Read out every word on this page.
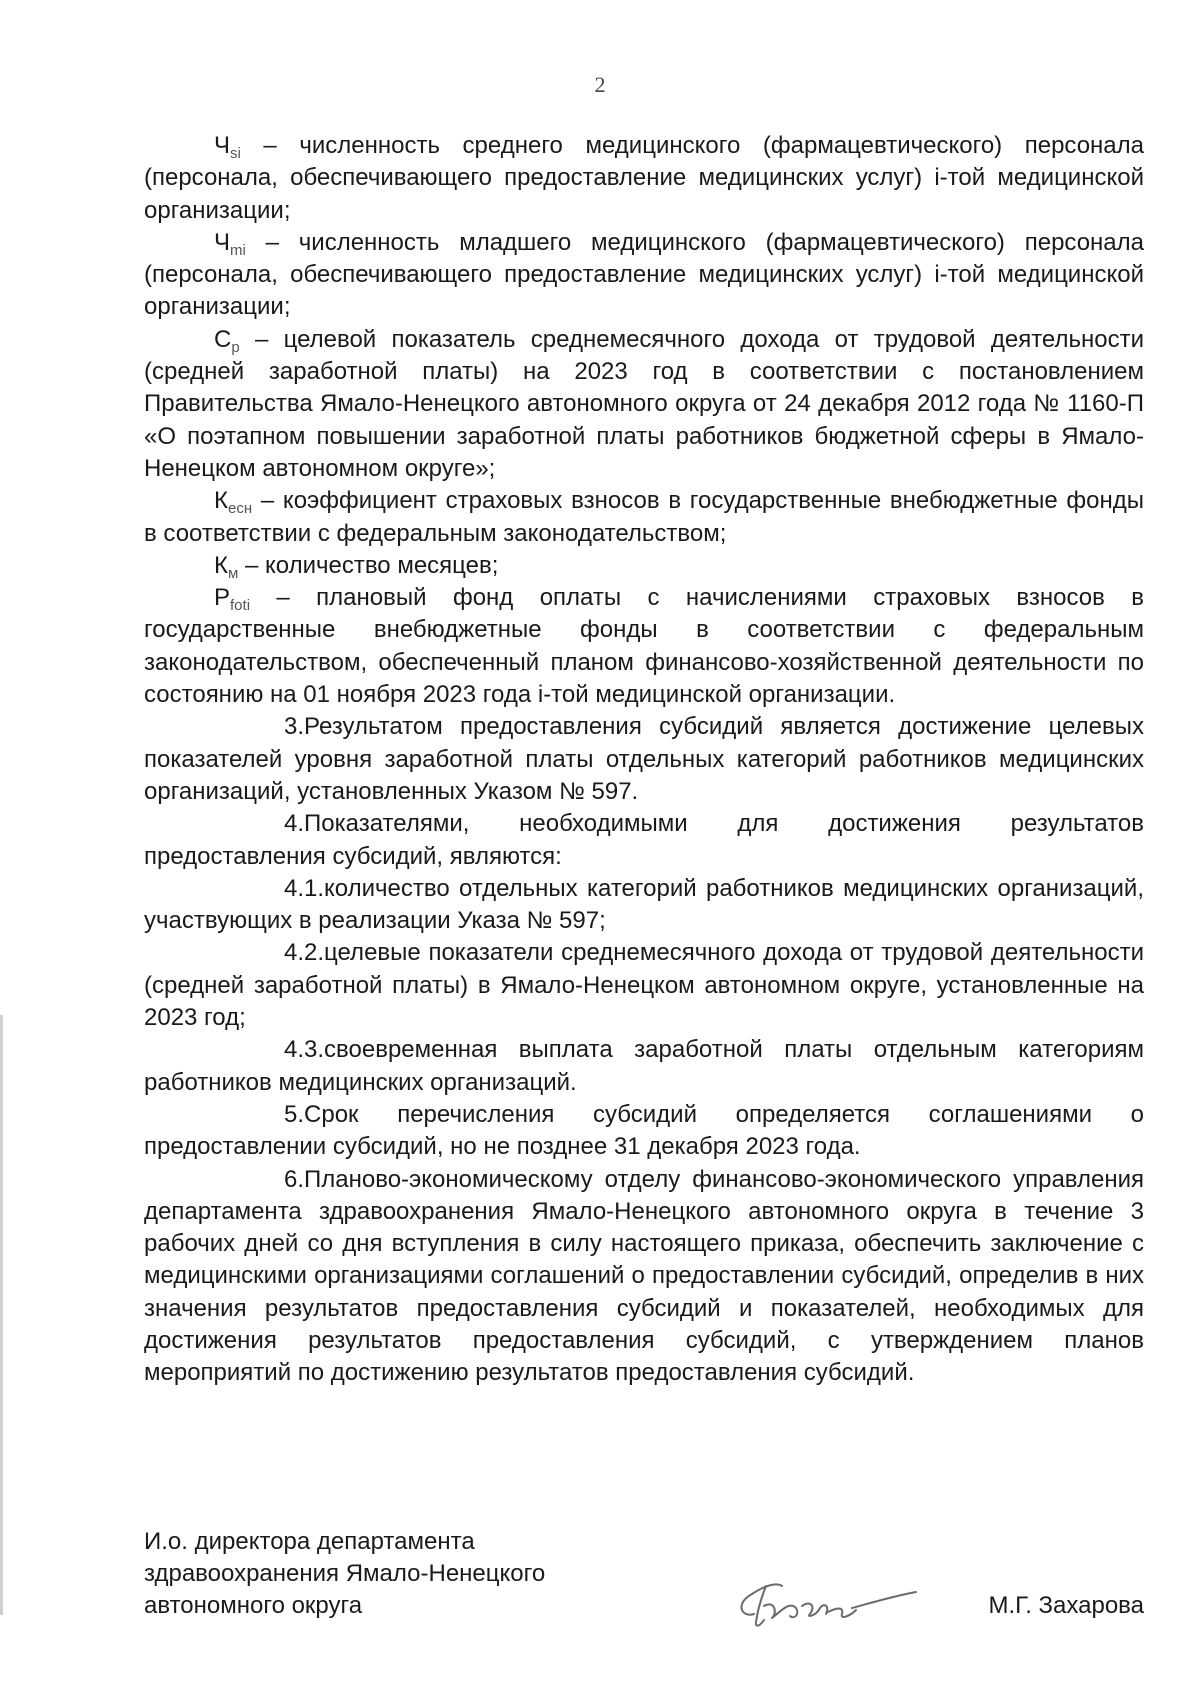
2

$Ч_{si}$ – численность среднего медицинского (фармацевтического) персонала (персонала, обеспечивающего предоставление медицинских услуг) i-той медицинской организации;

$Ч_{mi}$ – численность младшего медицинского (фармацевтического) персонала (персонала, обеспечивающего предоставление медицинских услуг) i-той медицинской организации;

$С_р$ – целевой показатель среднемесячного дохода от трудовой деятельности (средней заработной платы) на 2023 год в соответствии с постановлением Правительства Ямало-Ненецкого автономного округа от 24 декабря 2012 года № 1160-П «О поэтапном повышении заработной платы работников бюджетной сферы в Ямало-Ненецком автономном округе»;

$К_{есн}$ – коэффициент страховых взносов в государственные внебюджетные фонды в соответствии с федеральным законодательством;

$К_м$ – количество месяцев;

$Р_{foti}$ – плановый фонд оплаты с начислениями страховых взносов в государственные внебюджетные фонды в соответствии с федеральным законодательством, обеспеченный планом финансово-хозяйственной деятельности по состоянию на 01 ноября 2023 года i-той медицинской организации.

3.Результатом предоставления субсидий является достижение целевых показателей уровня заработной платы отдельных категорий работников медицинских организаций, установленных Указом № 597.

4.Показателями, необходимыми для достижения результатов предоставления субсидий, являются:

4.1.количество отдельных категорий работников медицинских организаций, участвующих в реализации Указа № 597;

4.2.целевые показатели среднемесячного дохода от трудовой деятельности (средней заработной платы) в Ямало-Ненецком автономном округе, установленные на 2023 год;

4.3.своевременная выплата заработной платы отдельным категориям работников медицинских организаций.

5.Срок перечисления субсидий определяется соглашениями о предоставлении субсидий, но не позднее 31 декабря 2023 года.

6.Планово-экономическому отделу финансово-экономического управления департамента здравоохранения Ямало-Ненецкого автономного округа в течение 3 рабочих дней со дня вступления в силу настоящего приказа, обеспечить заключение с медицинскими организациями соглашений о предоставлении субсидий, определив в них значения результатов предоставления субсидий и показателей, необходимых для достижения результатов предоставления субсидий, с утверждением планов мероприятий по достижению результатов предоставления субсидий.

И.о. директора департамента
здравоохранения Ямало-Ненецкого
автономного округа	М.Г. Захарова
